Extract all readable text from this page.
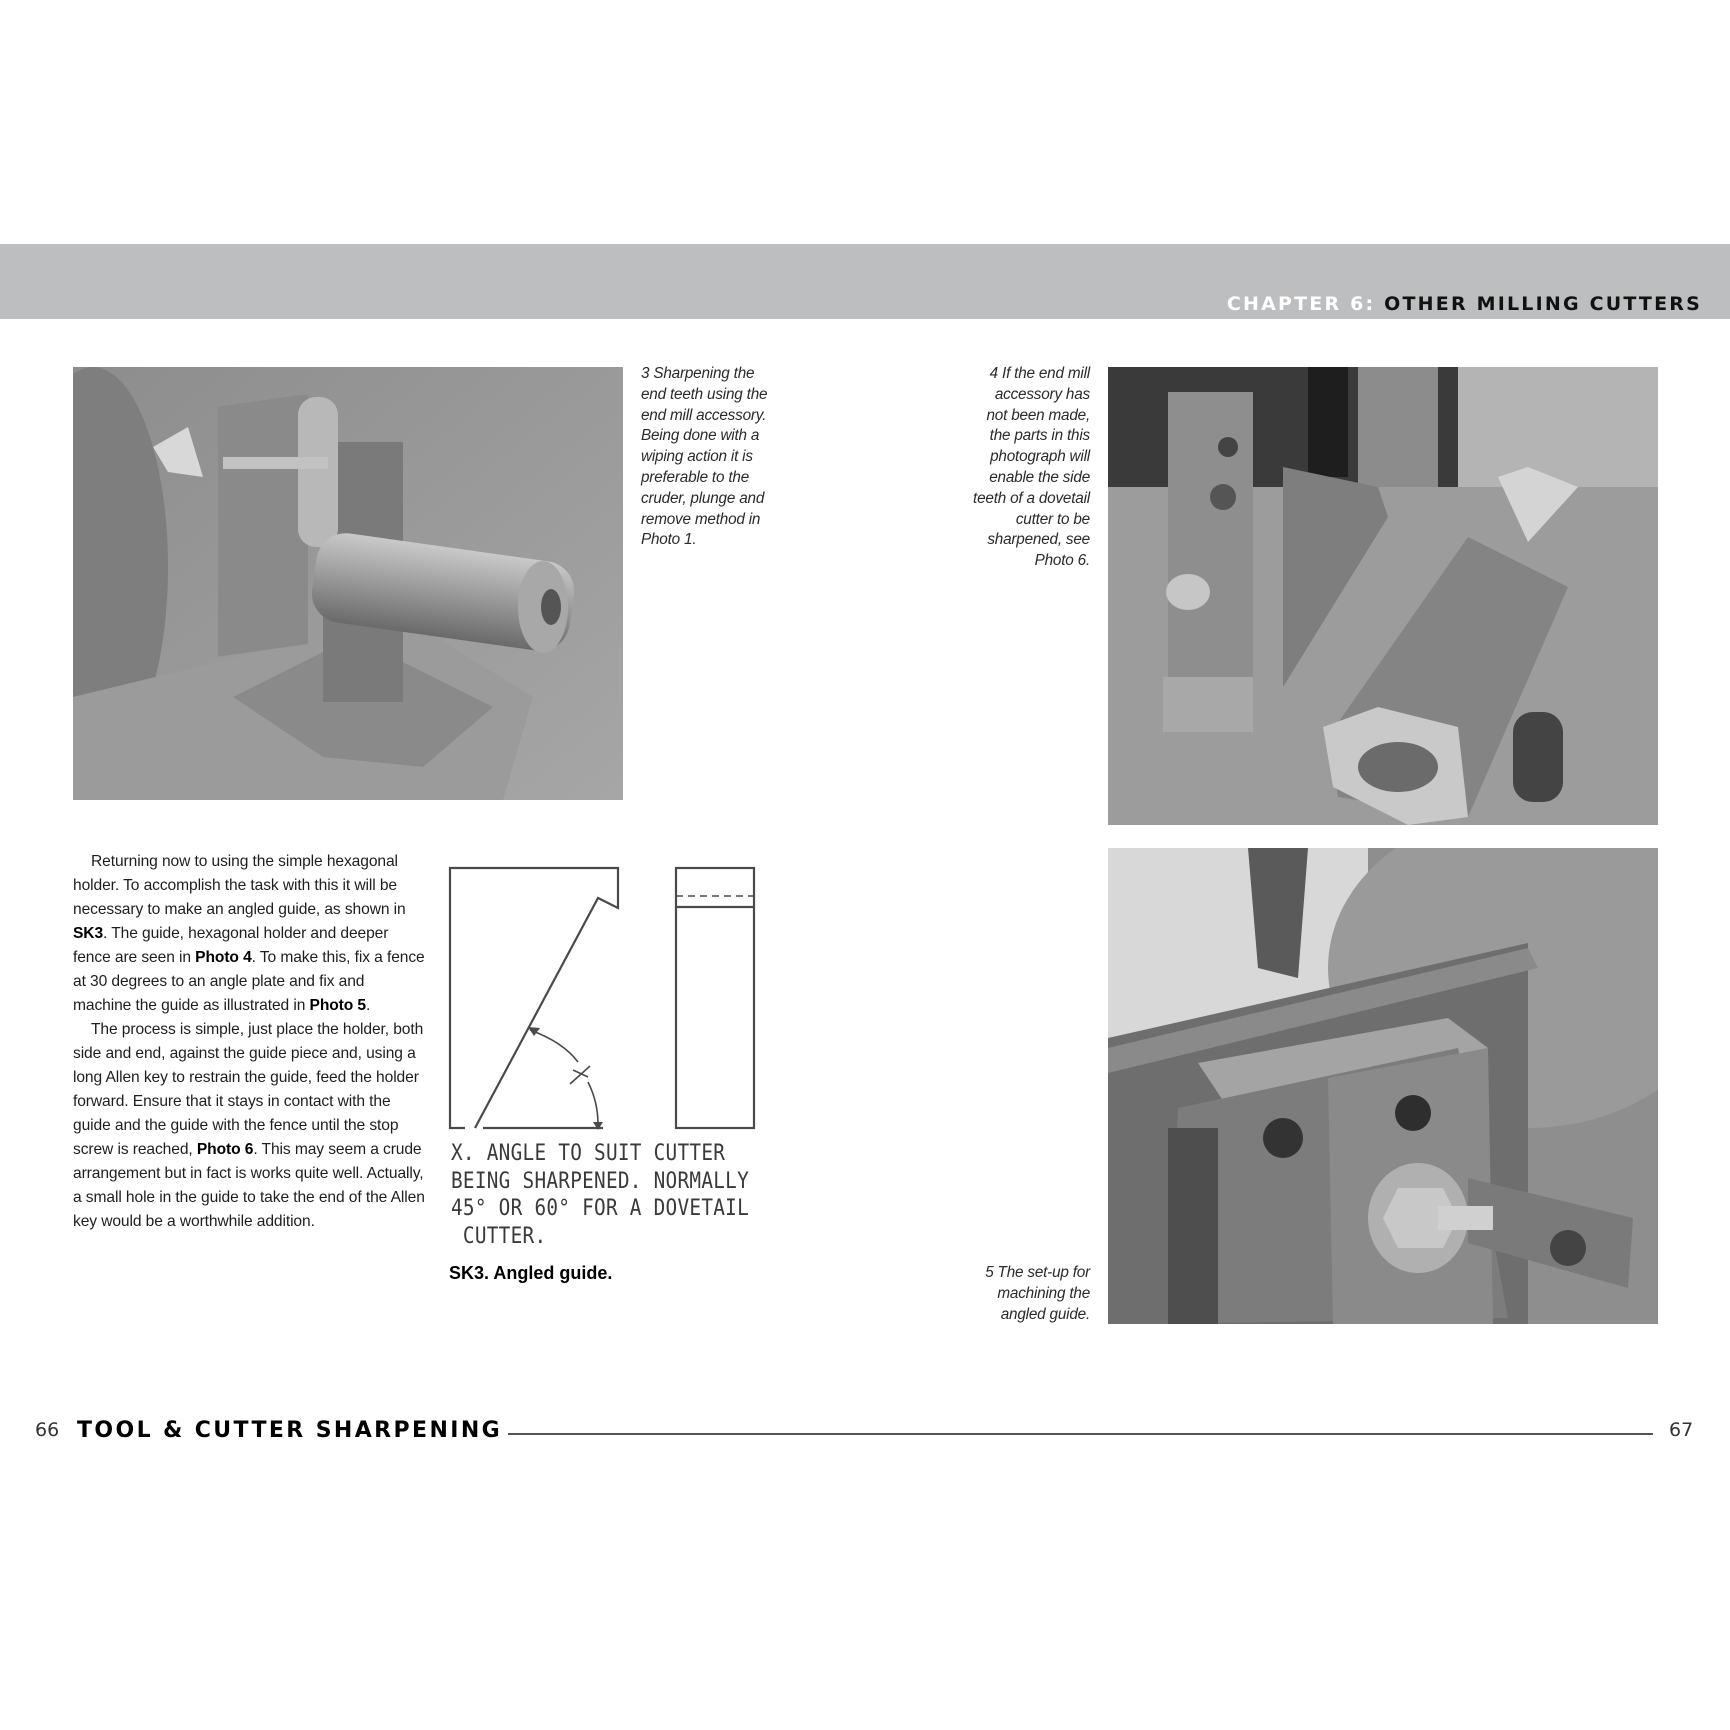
CHAPTER 6: OTHER MILLING CUTTERS

3 Sharpening the

end teeth using the

end mill accessory.

Being done with a

wiping action it is

preferable to the

cruder, plunge and

remove method in

Photo 1.

4 If the end mill

accessory has

not been made,

the parts in this

photograph will

enable the side

teeth of a dovetail

cutter to be

sharpened, see

Photo 6.

Returning now to using the simple hexagonal holder. To accomplish the task with this it will be necessary to make an angled guide, as shown in SK3. The guide, hexagonal holder and deeper fence are seen in Photo 4. To make this, fix a fence at 30 degrees to an angle plate and fix and machine the guide as illustrated in Photo 5.

The process is simple, just place the holder, both side and end, against the guide piece and, using a long Allen key to restrain the guide, feed the holder forward. Ensure that it stays in contact with the guide and the guide with the fence until the stop screw is reached, Photo 6. This may seem a crude arrangement but in fact is works quite well. Actually, a small hole in the guide to take the end of the Allen key would be a worthwhile addition.

X. ANGLE TO SUIT CUTTER
BEING SHARPENED. NORMALLY
45° OR 60° FOR A DOVETAIL
CUTTER.
SK3. Angled guide.	5 The set-up for

machining the

angled guide.

66 TOOL & CUTTER SHARPENING	67
